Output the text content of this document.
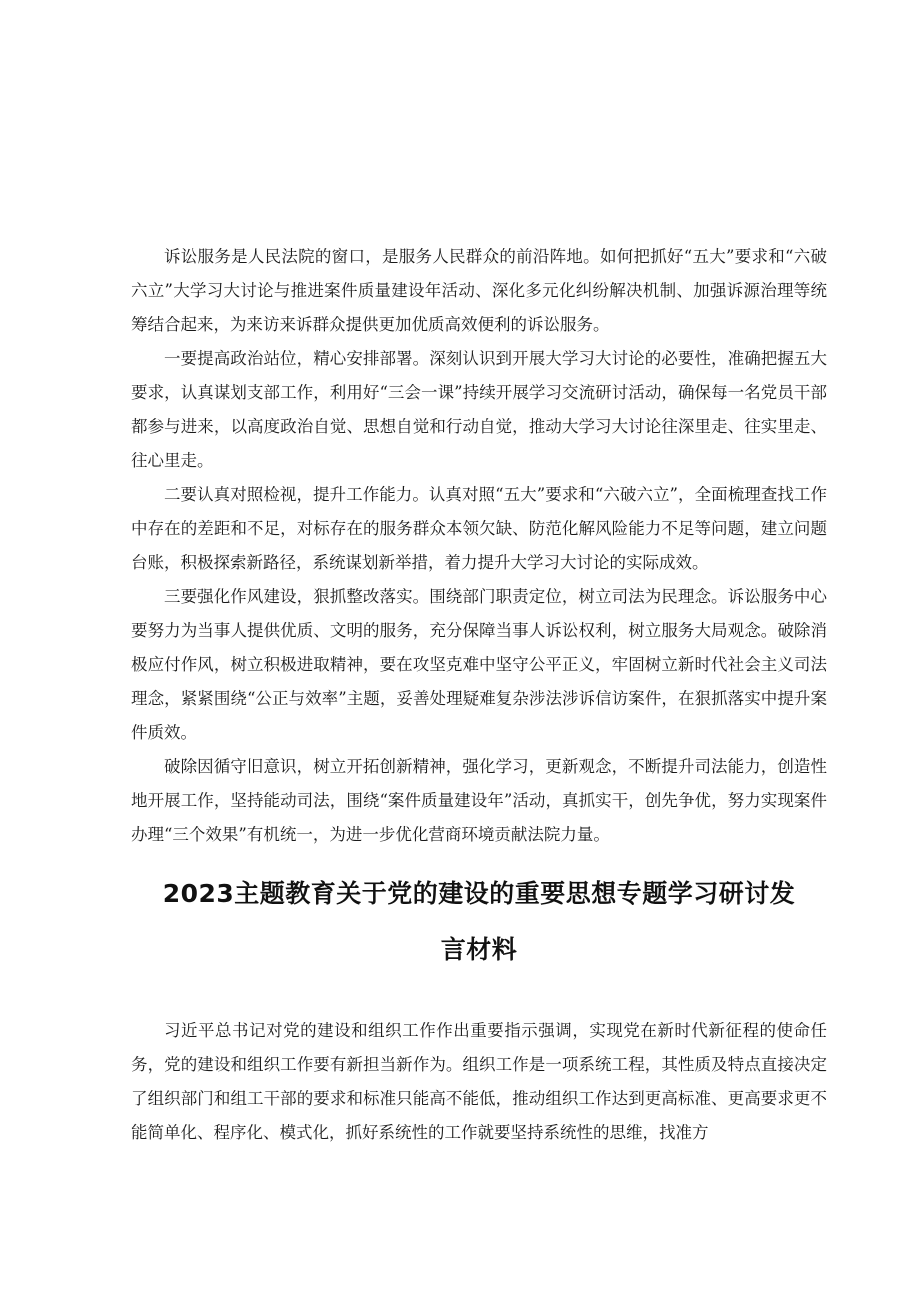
诉讼服务是人民法院的窗口，是服务人民群众的前沿阵地。如何把抓好“五大”要求和“六破六立”大学习大讨论与推进案件质量建设年活动、深化多元化纠纷解决机制、加强诉源治理等统筹结合起来，为来访来诉群众提供更加优质高效便利的诉讼服务。

一要提高政治站位，精心安排部署。深刻认识到开展大学习大讨论的必要性，准确把握五大要求，认真谋划支部工作，利用好“三会一课”持续开展学习交流研讨活动，确保每一名党员干部都参与进来，以高度政治自觉、思想自觉和行动自觉，推动大学习大讨论往深里走、往实里走、往心里走。

二要认真对照检视，提升工作能力。认真对照“五大”要求和“六破六立”，全面梳理查找工作中存在的差距和不足，对标存在的服务群众本领欠缺、防范化解风险能力不足等问题，建立问题台账，积极探索新路径，系统谋划新举措，着力提升大学习大讨论的实际成效。

三要强化作风建设，狠抓整改落实。围绕部门职责定位，树立司法为民理念。诉讼服务中心要努力为当事人提供优质、文明的服务，充分保障当事人诉讼权利，树立服务大局观念。破除消极应付作风，树立积极进取精神，要在攻坚克难中坚守公平正义，牢固树立新时代社会主义司法理念，紧紧围绕“公正与效率”主题，妥善处理疑难复杂涉法涉诉信访案件，在狠抓落实中提升案件质效。

破除因循守旧意识，树立开拓创新精神，强化学习，更新观念，不断提升司法能力，创造性地开展工作，坚持能动司法，围绕“案件质量建设年”活动，真抓实干，创先争优，努力实现案件办理“三个效果”有机统一，为进一步优化营商环境贡献法院力量。

2023主题教育关于党的建设的重要思想专题学习研讨发
言材料

习近平总书记对党的建设和组织工作作出重要指示强调，实现党在新时代新征程的使命任务，党的建设和组织工作要有新担当新作为。组织工作是一项系统工程，其性质及特点直接决定了组织部门和组工干部的要求和标准只能高不能低，推动组织工作达到更高标准、更高要求更不能简单化、程序化、模式化，抓好系统性的工作就要坚持系统性的思维，找准方
